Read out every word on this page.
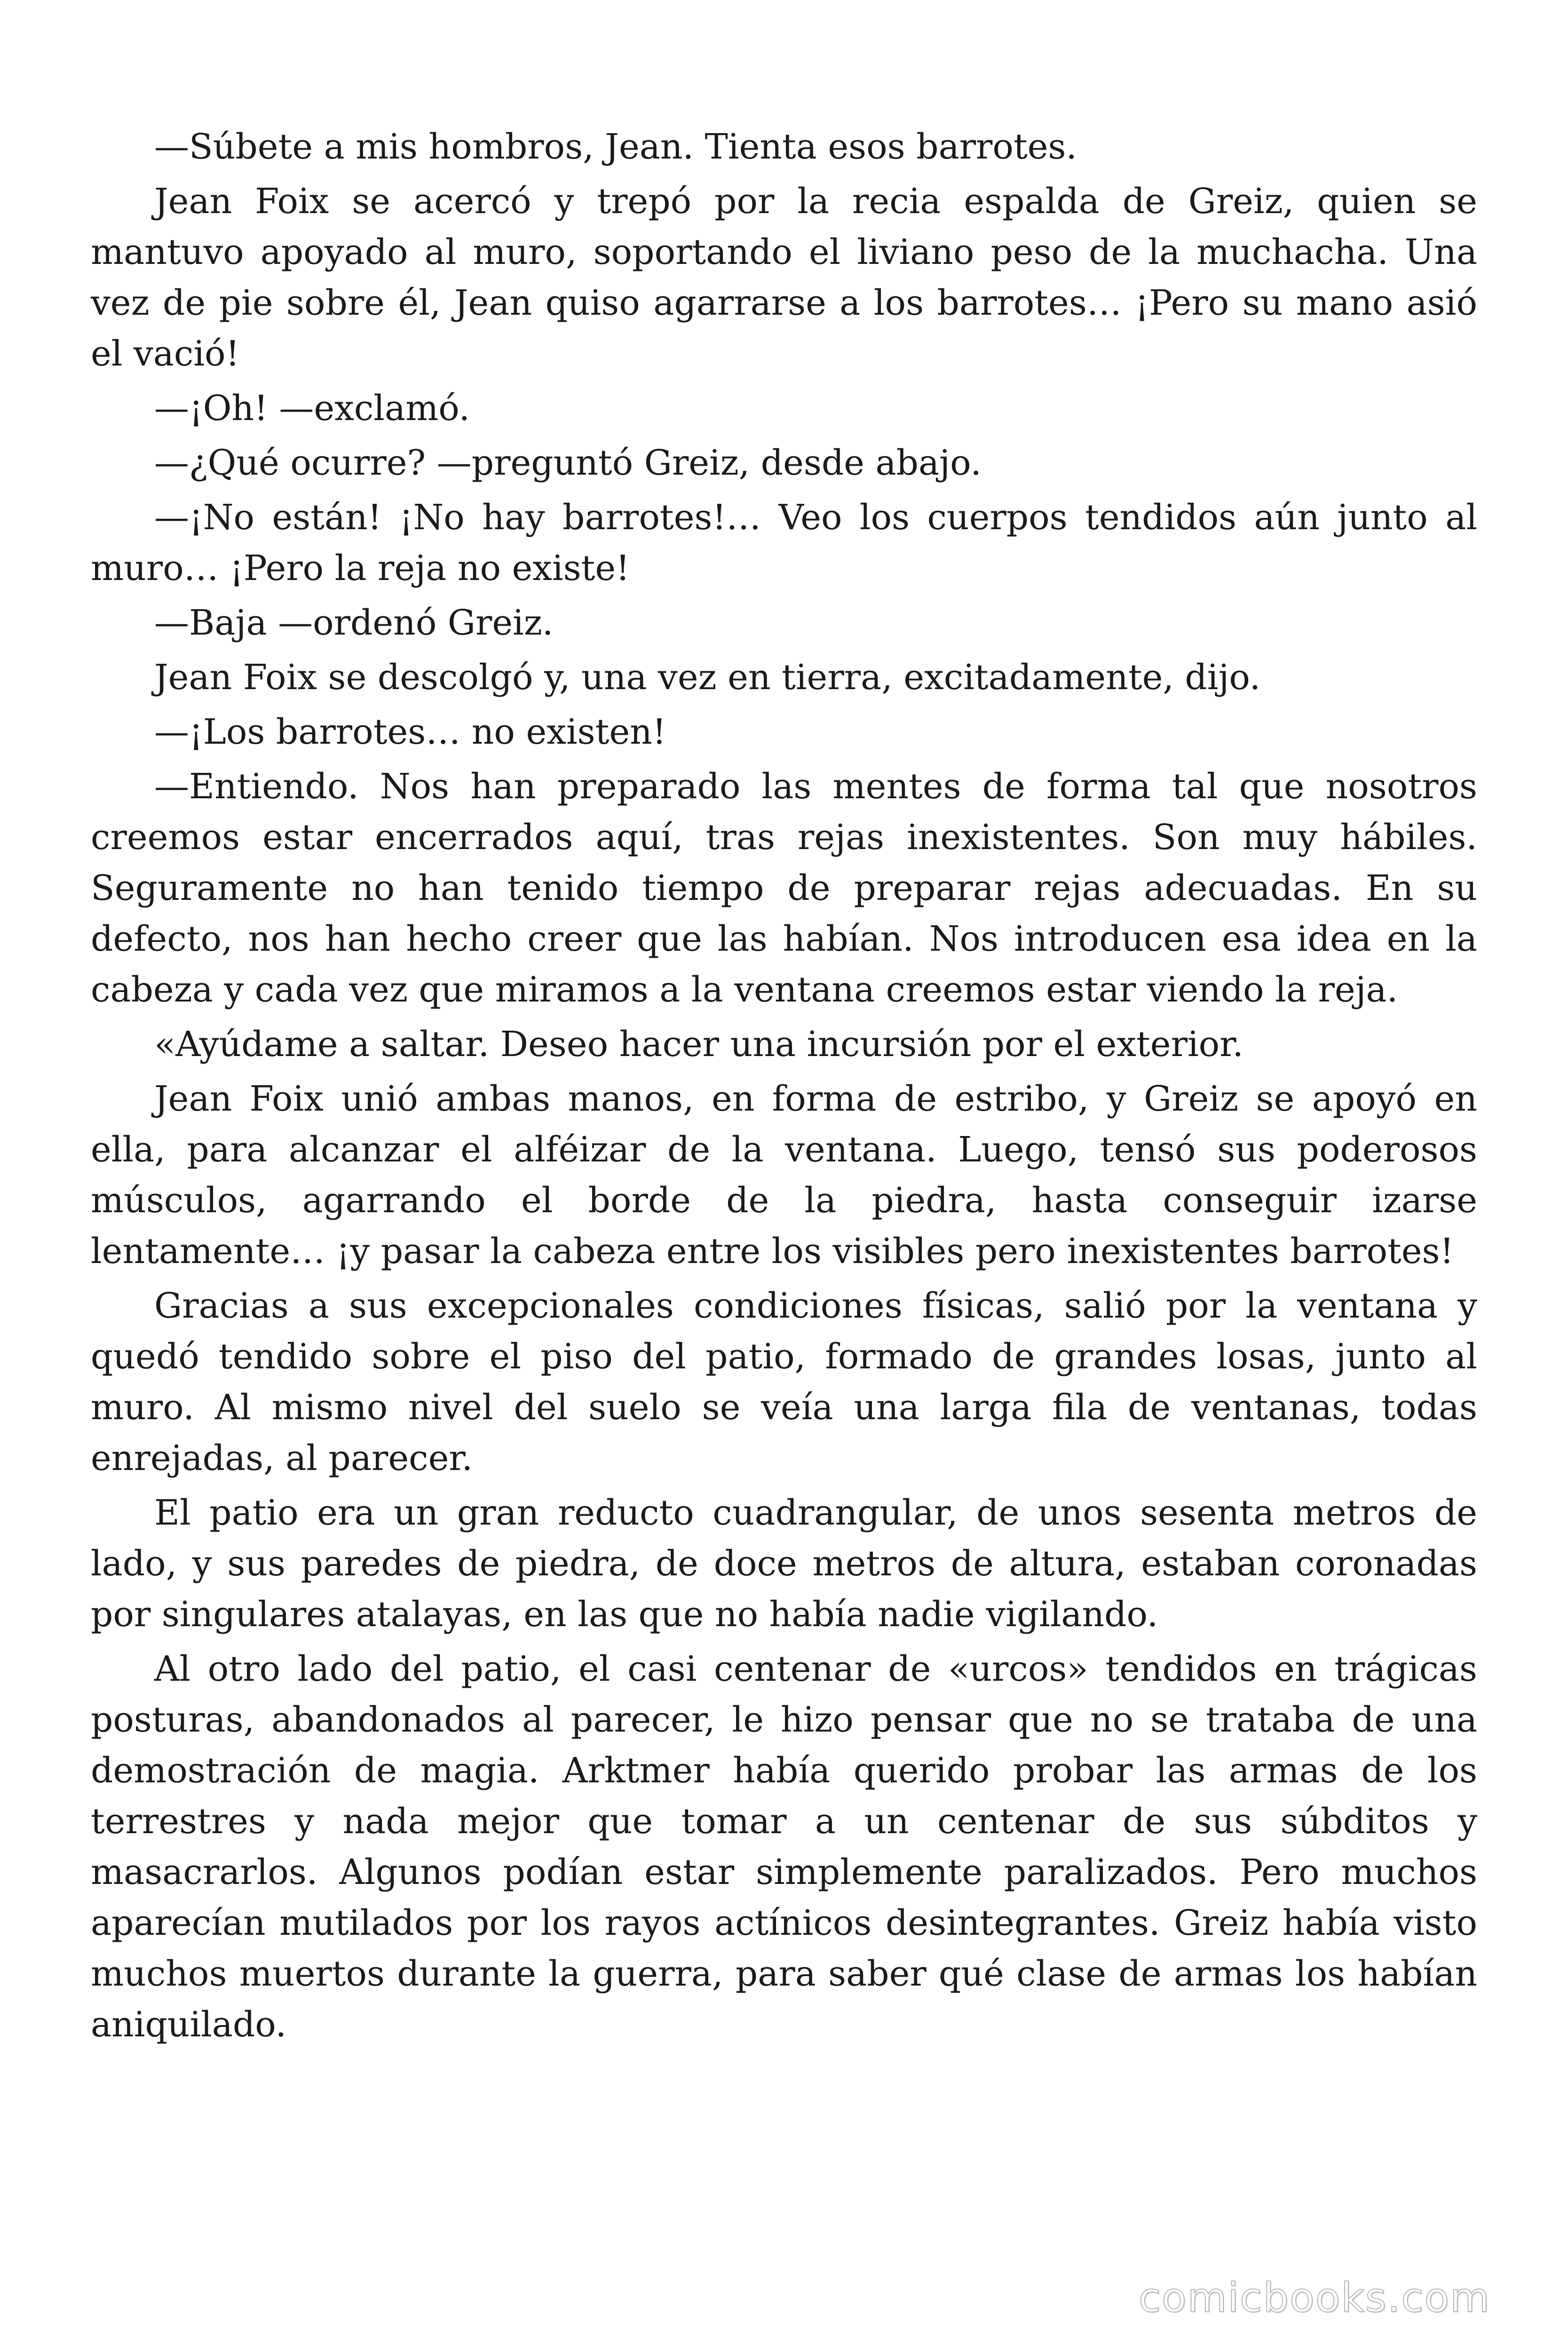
—Súbete a mis hombros, Jean. Tienta esos barrotes.

Jean Foix se acercó y trepó por la recia espalda de Greiz, quien se mantuvo apoyado al muro, soportando el liviano peso de la muchacha. Una vez de pie sobre él, Jean quiso agarrarse a los barrotes… ¡Pero su mano asió el vació!

—¡Oh! —exclamó.

—¿Qué ocurre? —preguntó Greiz, desde abajo.

—¡No están! ¡No hay barrotes!… Veo los cuerpos tendidos aún junto al muro… ¡Pero la reja no existe!

—Baja —ordenó Greiz.

Jean Foix se descolgó y, una vez en tierra, excitadamente, dijo.

—¡Los barrotes… no existen!

—Entiendo. Nos han preparado las mentes de forma tal que nosotros creemos estar encerrados aquí, tras rejas inexistentes. Son muy hábiles. Seguramente no han tenido tiempo de preparar rejas adecuadas. En su defecto, nos han hecho creer que las habían. Nos introducen esa idea en la cabeza y cada vez que miramos a la ventana creemos estar viendo la reja.

«Ayúdame a saltar. Deseo hacer una incursión por el exterior.

Jean Foix unió ambas manos, en forma de estribo, y Greiz se apoyó en ella, para alcanzar el alféizar de la ventana. Luego, tensó sus poderosos músculos, agarrando el borde de la piedra, hasta conseguir izarse lentamente… ¡y pasar la cabeza entre los visibles pero inexistentes barrotes!

Gracias a sus excepcionales condiciones físicas, salió por la ventana y quedó tendido sobre el piso del patio, formado de grandes losas, junto al muro. Al mismo nivel del suelo se veía una larga fila de ventanas, todas enrejadas, al parecer.

El patio era un gran reducto cuadrangular, de unos sesenta metros de lado, y sus paredes de piedra, de doce metros de altura, estaban coronadas por singulares atalayas, en las que no había nadie vigilando.

Al otro lado del patio, el casi centenar de «urcos» tendidos en trágicas posturas, abandonados al parecer, le hizo pensar que no se trataba de una demostración de magia. Arktmer había querido probar las armas de los terrestres y nada mejor que tomar a un centenar de sus súbditos y masacrarlos. Algunos podían estar simplemente paralizados. Pero muchos aparecían mutilados por los rayos actínicos desintegrantes. Greiz había visto muchos muertos durante la guerra, para saber qué clase de armas los habían aniquilado.

comicbooks.com
